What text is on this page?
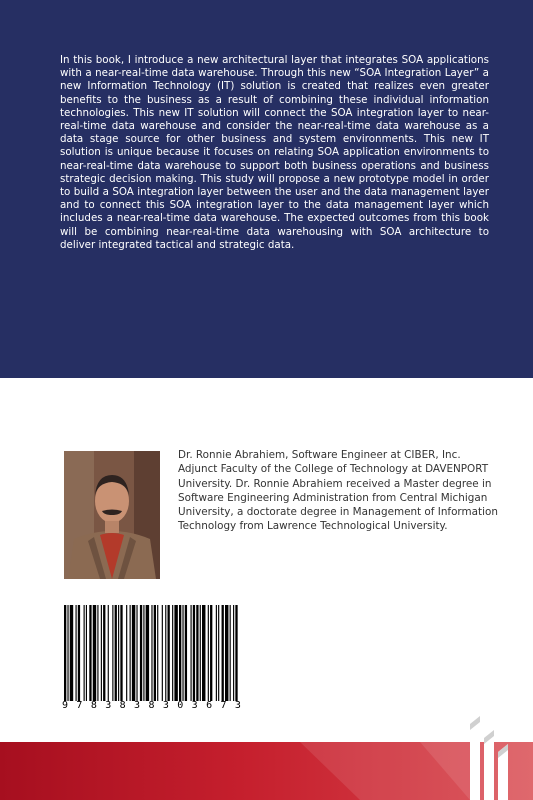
In this book, I introduce a new architectural layer that integrates SOA applications with a near-real-time data warehouse. Through this new “SOA Integration Layer” a new Information Technology (IT) solution is created that realizes even greater benefits to the business as a result of combining these individual information technologies. This new IT solution will connect the SOA integration layer to near-real-time data warehouse and consider the near-real-time data warehouse as a data stage source for other business and system environments. This new IT solution is unique because it focuses on relating SOA application environments to near-real-time data warehouse to support both business operations and business strategic decision making. This study will propose a new prototype model in order to build a SOA integration layer between the user and the data management layer and to connect this SOA integration layer to the data management layer which includes a near-real-time data warehouse. The expected outcomes from this book will be combining near-real-time data warehousing with SOA architecture to deliver integrated tactical and strategic data.

Dr. Ronnie Abrahiem, Software Engineer at CIBER, Inc. Adjunct Faculty of the College of Technology at DAVENPORT University. Dr. Ronnie Abrahiem received a Master degree in Software Engineering Administration from Central Michigan University, a doctorate degree in Management of Information Technology from Lawrence Technological University.

9 7 8 3 8 3 8 3 0 3 6 7 3
